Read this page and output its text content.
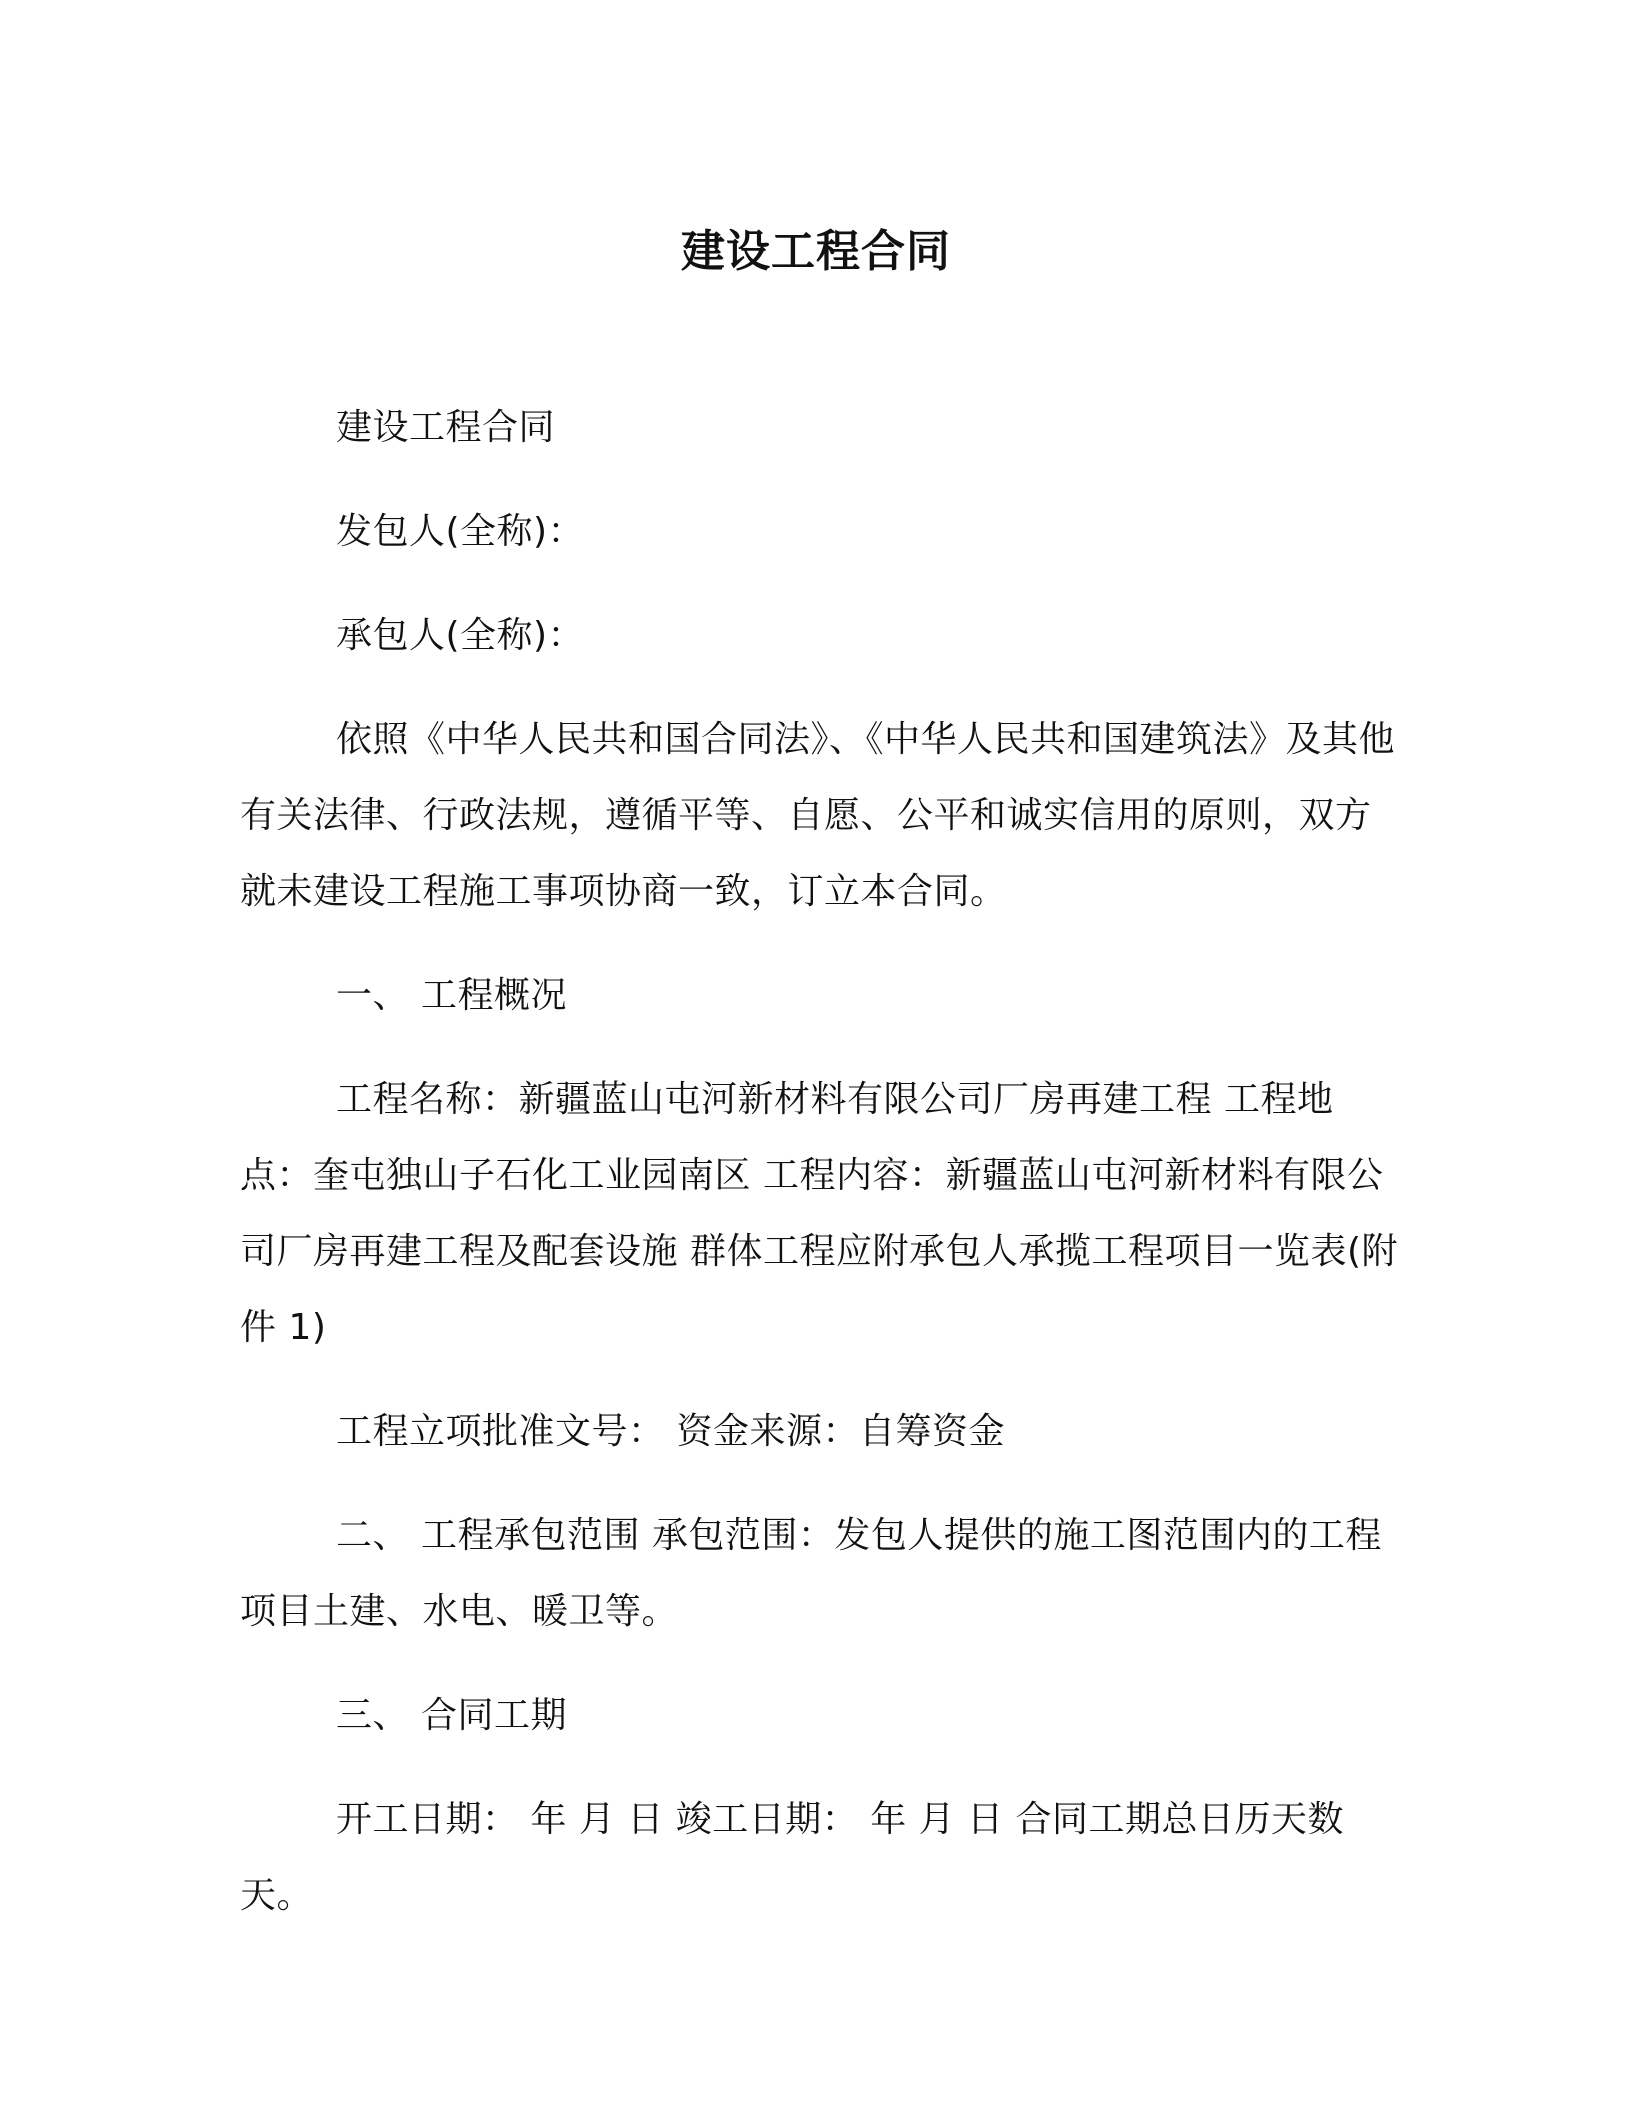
建设工程合同

建设工程合同

发包人(全称)：

承包人(全称)：

依照《中华人民共和国合同法》、《中华人民共和国建筑法》及其他有关法律、行政法规，遵循平等、自愿、公平和诚实信用的原则，双方就未建设工程施工事项协商一致，订立本合同。

一、 工程概况

工程名称：新疆蓝山屯河新材料有限公司厂房再建工程 工程地点：奎屯独山子石化工业园南区 工程内容：新疆蓝山屯河新材料有限公司厂房再建工程及配套设施 群体工程应附承包人承揽工程项目一览表(附件 1)

工程立项批准文号： 资金来源：自筹资金

二、 工程承包范围 承包范围：发包人提供的施工图范围内的工程项目土建、水电、暖卫等。

三、 合同工期

开工日期： 年 月 日 竣工日期： 年 月 日 合同工期总日历天数 天。
